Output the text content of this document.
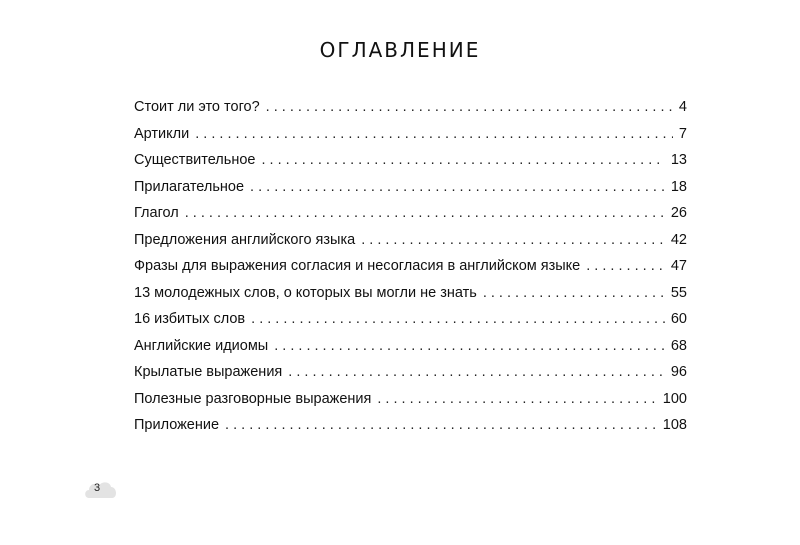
ОГЛАВЛЕНИЕ
Стоит ли это того? . . .	4
Артикли . . .	7
Существительное . . .	13
Прилагательное . . .	18
Глагол . . .	26
Предложения английского языка . . .	42
Фразы для выражения согласия и несогласия в английском языке . . .	47
13 молодежных слов, о которых вы могли не знать . . .	55
16 избитых слов . . .	60
Английские идиомы . . .	68
Крылатые выражения . . .	96
Полезные разговорные выражения . . .	100
Приложение . . .	108
3
